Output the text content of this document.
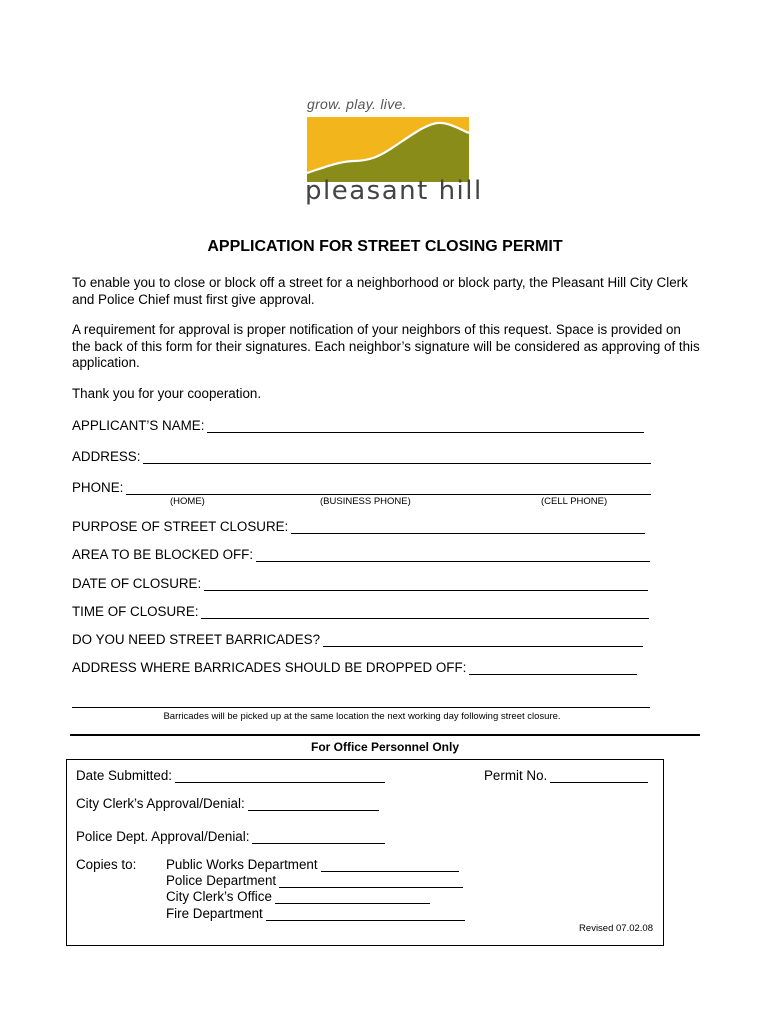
grow. play. live.
pleasant hill
APPLICATION FOR STREET CLOSING PERMIT
To enable you to close or block off a street for a neighborhood or block party, the Pleasant Hill City Clerk and Police Chief must first give approval.
A requirement for approval is proper notification of your neighbors of this request. Space is provided on the back of this form for their signatures. Each neighbor’s signature will be considered as approving of this application.
Thank you for your cooperation.
APPLICANT’S NAME:
ADDRESS:
PHONE:
(HOME)	(BUSINESS PHONE)	(CELL PHONE)
PURPOSE OF STREET CLOSURE:
AREA TO BE BLOCKED OFF:
DATE OF CLOSURE:
TIME OF CLOSURE:
DO YOU NEED STREET BARRICADES?
ADDRESS WHERE BARRICADES SHOULD BE DROPPED OFF:
Barricades will be picked up at the same location the next working day following street closure.
For Office Personnel Only
Date Submitted:	Permit No.
City Clerk’s Approval/Denial:
Police Dept. Approval/Denial:
Copies to: Public Works Department
Police Department
City Clerk’s Office
Fire Department
Revised 07.02.08
